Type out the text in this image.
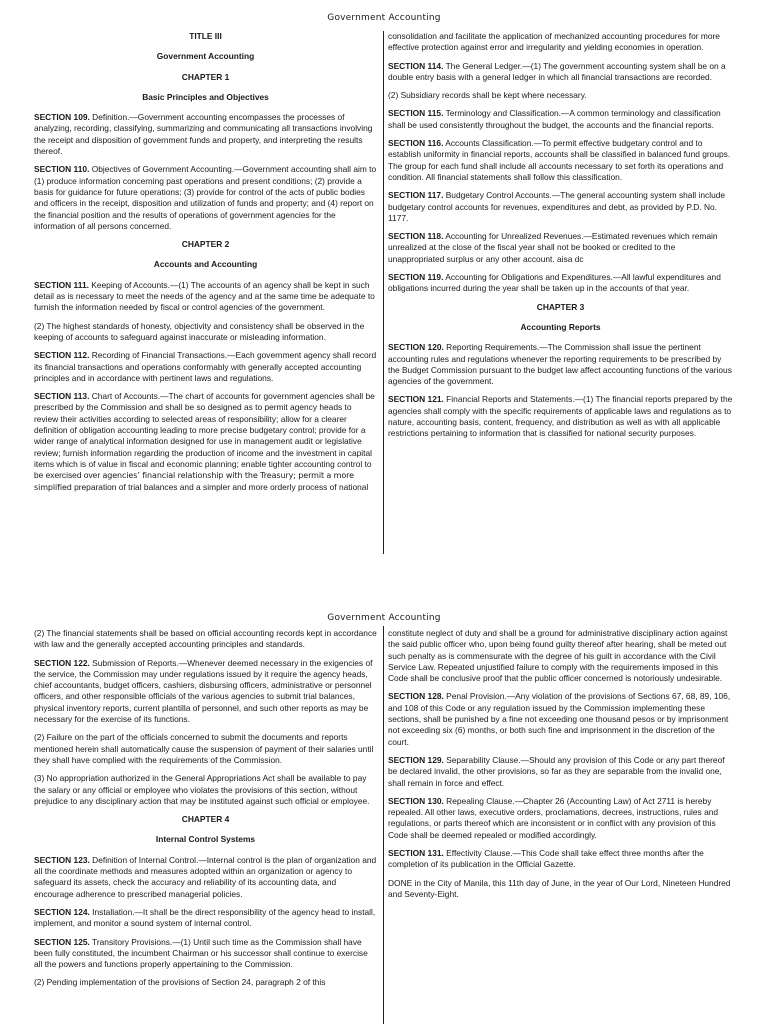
Government Accounting

TITLE III

Government Accounting

CHAPTER 1

Basic Principles and Objectives

SECTION 109. Definition.—Government accounting encompasses the processes of analyzing, recording, classifying, summarizing and communicating all transactions involving the receipt and disposition of government funds and property, and interpreting the results thereof.

SECTION 110. Objectives of Government Accounting.—Government accounting shall aim to (1) produce information concerning past operations and present conditions; (2) provide a basis for guidance for future operations; (3) provide for control of the acts of public bodies and officers in the receipt, disposition and utilization of funds and property; and (4) report on the financial position and the results of operations of government agencies for the information of all persons concerned.

CHAPTER 2

Accounts and Accounting

SECTION 111. Keeping of Accounts.—(1) The accounts of an agency shall be kept in such detail as is necessary to meet the needs of the agency and at the same time be adequate to furnish the information needed by fiscal or control agencies of the government.

(2) The highest standards of honesty, objectivity and consistency shall be observed in the keeping of accounts to safeguard against inaccurate or misleading information.

SECTION 112. Recording of Financial Transactions.—Each government agency shall record its financial transactions and operations conformably with generally accepted accounting principles and in accordance with pertinent laws and regulations.

SECTION 113. Chart of Accounts.—The chart of accounts for government agencies shall be prescribed by the Commission and shall be so designed as to permit agency heads to review their activities according to selected areas of responsibility; allow for a clearer definition of obligation accounting leading to more precise budgetary control; provide for a wider range of analytical information designed for use in management audit or legislative review; furnish information regarding the production of income and the investment in capital items which is of value in fiscal and economic planning; enable tighter accounting control to be exercised over agencies’ financial relationship with the Treasury; permit a more simplified preparation of trial balances and a simpler and more orderly process of national

consolidation and facilitate the application of mechanized accounting procedures for more effective protection against error and irregularity and yielding economies in operation.

SECTION 114. The General Ledger.—(1) The government accounting system shall be on a double entry basis with a general ledger in which all financial transactions are recorded.

(2) Subsidiary records shall be kept where necessary.

SECTION 115. Terminology and Classification.—A common terminology and classification shall be used consistently throughout the budget, the accounts and the financial reports.

SECTION 116. Accounts Classification.—To permit effective budgetary control and to establish uniformity in financial reports, accounts shall be classified in balanced fund groups. The group for each fund shall include all accounts necessary to set forth its operations and condition. All financial statements shall follow this classification.

SECTION 117. Budgetary Control Accounts.—The general accounting system shall include budgetary control accounts for revenues, expenditures and debt, as provided by P.D. No. 1177.

SECTION 118. Accounting for Unrealized Revenues.—Estimated revenues which remain unrealized at the close of the fiscal year shall not be booked or credited to the unappropriated surplus or any other account. aisa dc

SECTION 119. Accounting for Obligations and Expenditures.—All lawful expenditures and obligations incurred during the year shall be taken up in the accounts of that year.

CHAPTER 3

Accounting Reports

SECTION 120. Reporting Requirements.—The Commission shall issue the pertinent accounting rules and regulations whenever the reporting requirements to be prescribed by the Budget Commission pursuant to the budget law affect accounting functions of the various agencies of the government.

SECTION 121. Financial Reports and Statements.—(1) The financial reports prepared by the agencies shall comply with the specific requirements of applicable laws and regulations as to nature, accounting basis, content, frequency, and distribution as well as with all applicable restrictions pertaining to information that is classified for national security purposes.

Government Accounting

(2) The financial statements shall be based on official accounting records kept in accordance with law and the generally accepted accounting principles and standards.

SECTION 122. Submission of Reports.—Whenever deemed necessary in the exigencies of the service, the Commission may under regulations issued by it require the agency heads, chief accountants, budget officers, cashiers, disbursing officers, administrative or personnel officers, and other responsible officials of the various agencies to submit trial balances, physical inventory reports, current plantilla of personnel, and such other reports as may be necessary for the exercise of its functions.

(2) Failure on the part of the officials concerned to submit the documents and reports mentioned herein shall automatically cause the suspension of payment of their salaries until they shall have complied with the requirements of the Commission.

(3) No appropriation authorized in the General Appropriations Act shall be available to pay the salary or any official or employee who violates the provisions of this section, without prejudice to any disciplinary action that may be instituted against such official or employee.

CHAPTER 4

Internal Control Systems

SECTION 123. Definition of Internal Control.—Internal control is the plan of organization and all the coordinate methods and measures adopted within an organization or agency to safeguard its assets, check the accuracy and reliability of its accounting data, and encourage adherence to prescribed managerial policies.

SECTION 124. Installation.—It shall be the direct responsibility of the agency head to install, implement, and monitor a sound system of internal control.

SECTION 125. Transitory Provisions.—(1) Until such time as the Commission shall have been fully constituted, the incumbent Chairman or his successor shall continue to exercise all the powers and functions properly appertaining to the Commission.

(2) Pending implementation of the provisions of Section 24, paragraph 2 of this

constitute neglect of duty and shall be a ground for administrative disciplinary action against the said public officer who, upon being found guilty thereof after hearing, shall be meted out such penalty as is commensurate with the degree of his guilt in accordance with the Civil Service Law. Repeated unjustified failure to comply with the requirements imposed in this Code shall be conclusive proof that the public officer concerned is notoriously undesirable.

SECTION 128. Penal Provision.—Any violation of the provisions of Sections 67, 68, 89, 106, and 108 of this Code or any regulation issued by the Commission implementing these sections, shall be punished by a fine not exceeding one thousand pesos or by imprisonment not exceeding six (6) months, or both such fine and imprisonment in the discretion of the court.

SECTION 129. Separability Clause.—Should any provision of this Code or any part thereof be declared invalid, the other provisions, so far as they are separable from the invalid one, shall remain in force and effect.

SECTION 130. Repealing Clause.—Chapter 26 (Accounting Law) of Act 2711 is hereby repealed. All other laws, executive orders, proclamations, decrees, instructions, rules and regulations, or parts thereof which are inconsistent or in conflict with any provision of this Code shall be deemed repealed or modified accordingly.

SECTION 131. Effectivity Clause.—This Code shall take effect three months after the completion of its publication in the Official Gazette.

DONE in the City of Manila, this 11th day of June, in the year of Our Lord, Nineteen Hundred and Seventy-Eight.
